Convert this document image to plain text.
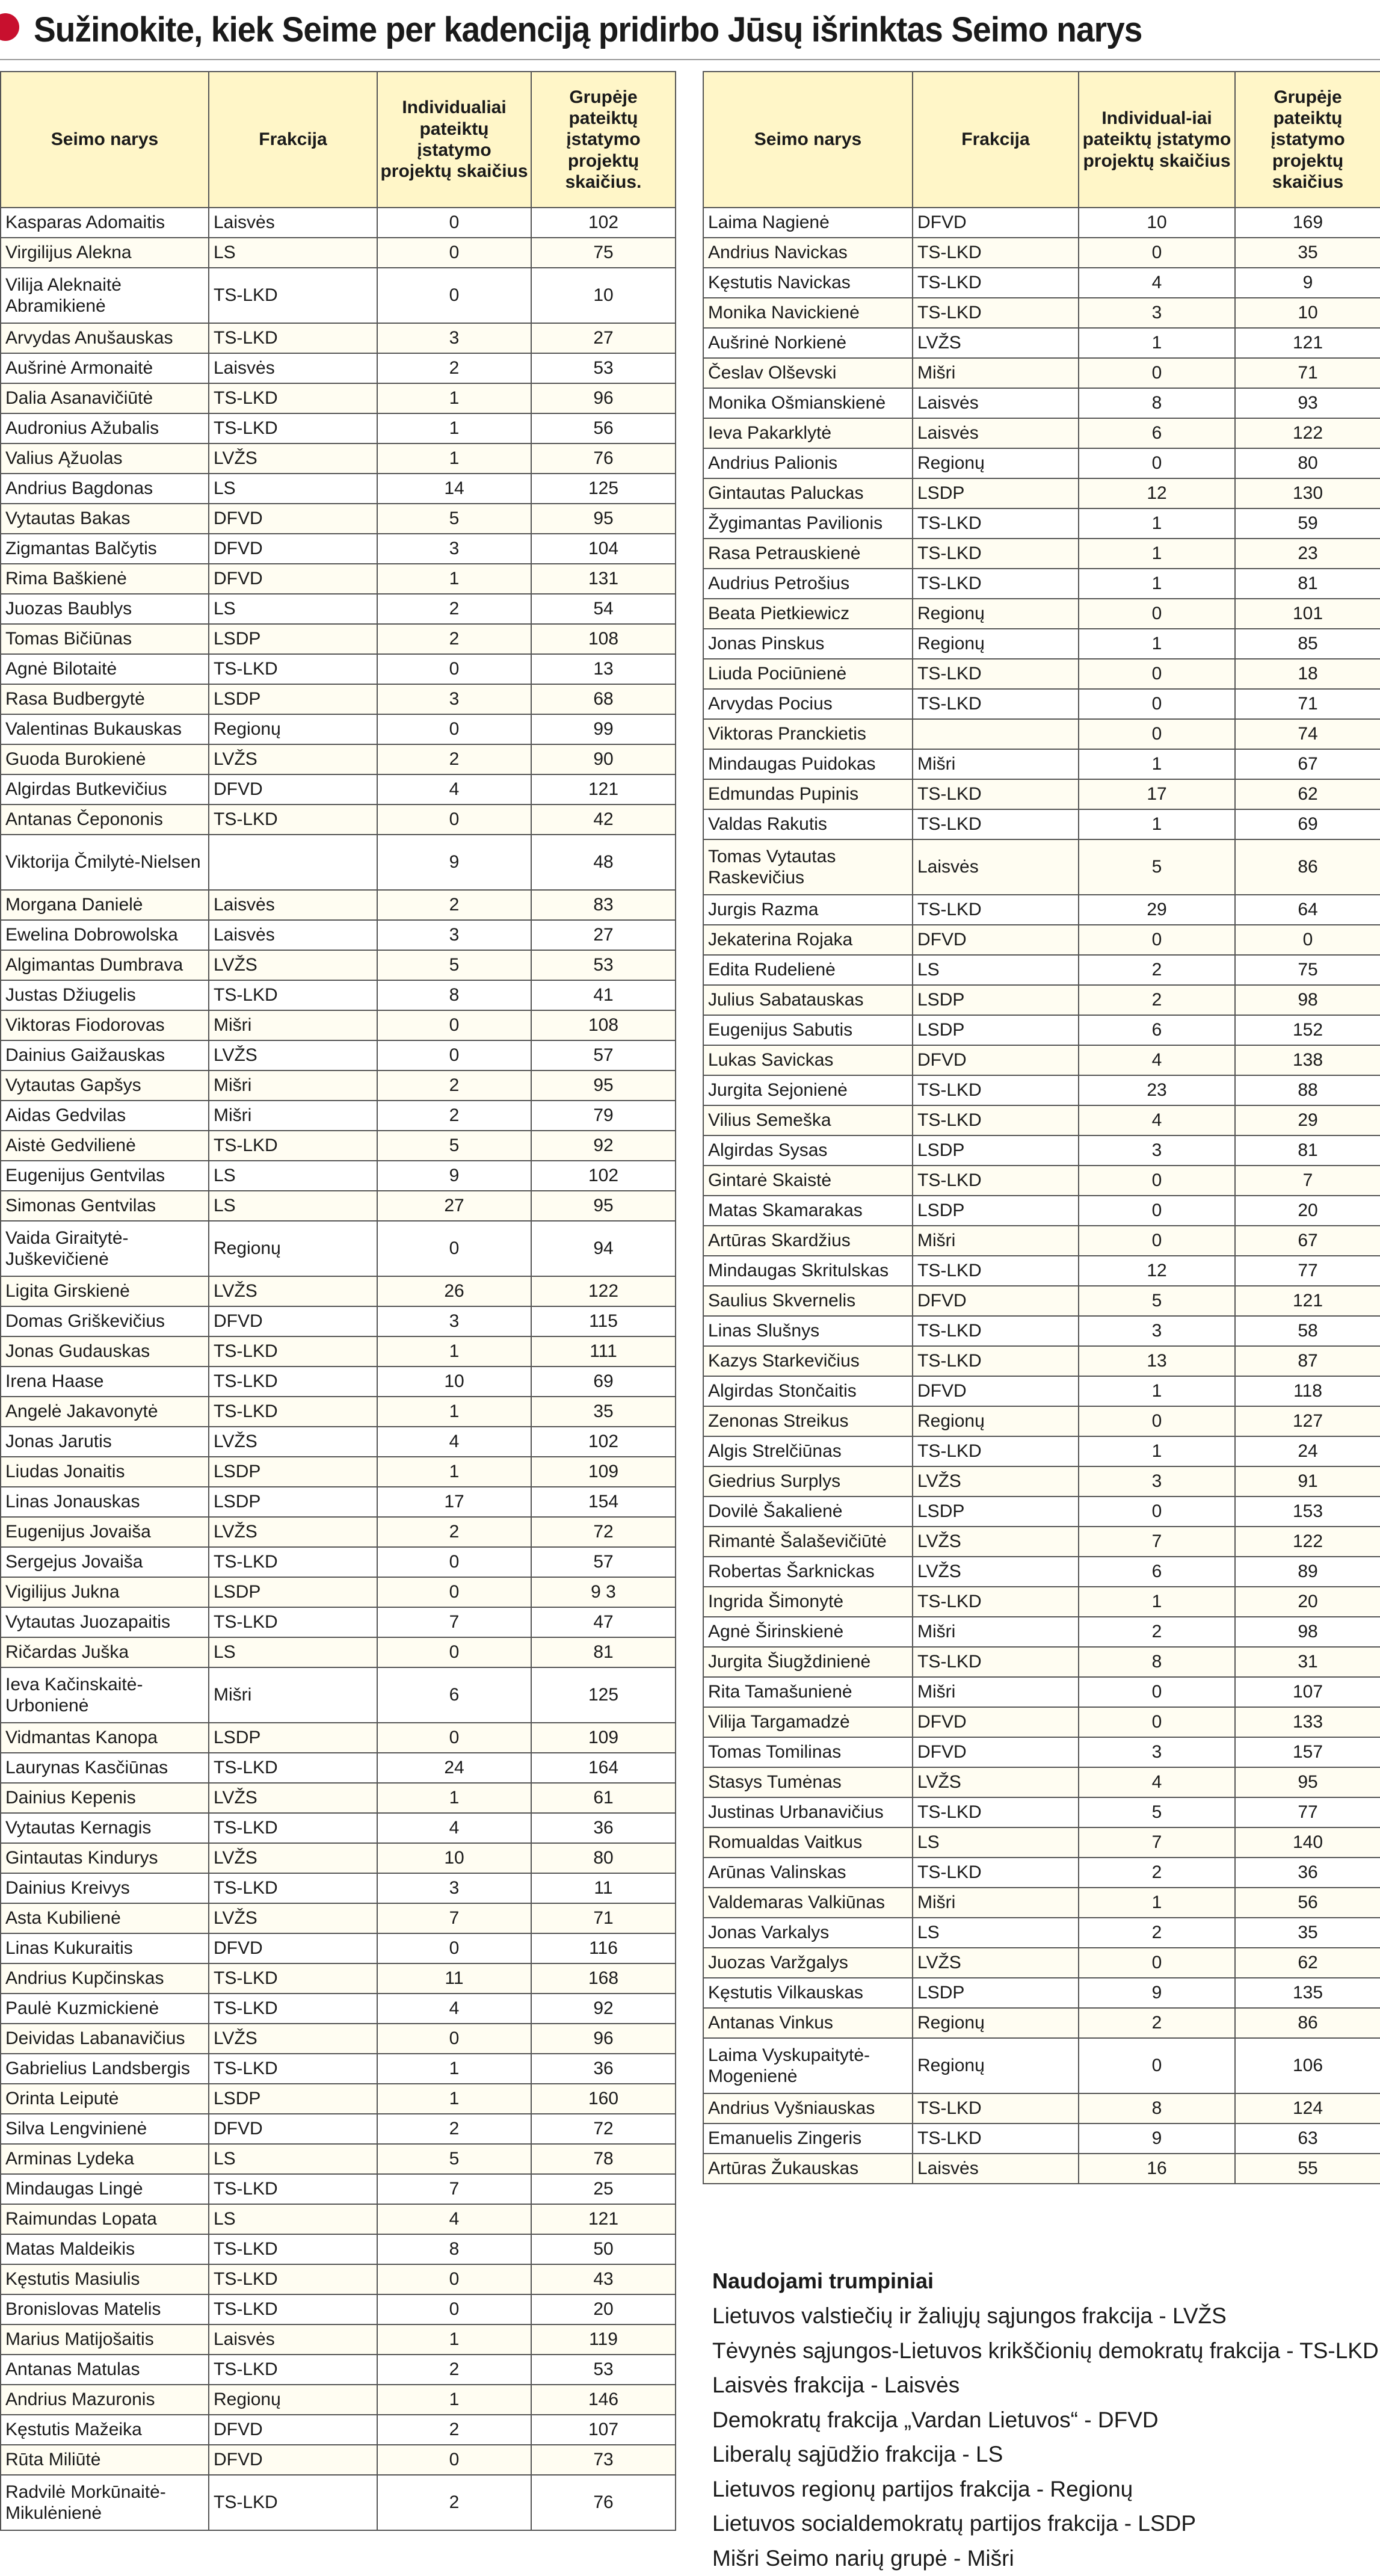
Sužinokite, kiek Seime per kadenciją pridirbo Jūsų išrinktas Seimo narys
Seimo narys	Frakcija	Individualiai pateiktų įstatymo projektų skaičius	Grupėje pateiktų įstatymo projektų skaičius.
Kasparas Adomaitis	Laisvės	0	102
Virgilijus Alekna	LS	0	75
Vilija Aleknaitė Abramikienė	TS-LKD	0	10
Arvydas Anušauskas	TS-LKD	3	27
Aušrinė Armonaitė	Laisvės	2	53
Dalia Asanavičiūtė	TS-LKD	1	96
Audronius Ažubalis	TS-LKD	1	56
Valius Ąžuolas	LVŽS	1	76
Andrius Bagdonas	LS	14	125
Vytautas Bakas	DFVD	5	95
Zigmantas Balčytis	DFVD	3	104
Rima Baškienė	DFVD	1	131
Juozas Baublys	LS	2	54
Tomas Bičiūnas	LSDP	2	108
Agnė Bilotaitė	TS-LKD	0	13
Rasa Budbergytė	LSDP	3	68
Valentinas Bukauskas	Regionų	0	99
Guoda Burokienė	LVŽS	2	90
Algirdas Butkevičius	DFVD	4	121
Antanas Čepononis	TS-LKD	0	42
Viktorija Čmilytė-Nielsen		9	48
Morgana Danielė	Laisvės	2	83
Ewelina Dobrowolska	Laisvės	3	27
Algimantas Dumbrava	LVŽS	5	53
Justas Džiugelis	TS-LKD	8	41
Viktoras Fiodorovas	Mišri	0	108
Dainius Gaižauskas	LVŽS	0	57
Vytautas Gapšys	Mišri	2	95
Aidas Gedvilas	Mišri	2	79
Aistė Gedvilienė	TS-LKD	5	92
Eugenijus Gentvilas	LS	9	102
Simonas Gentvilas	LS	27	95
Vaida Giraitytė-Juškevičienė	Regionų	0	94
Ligita Girskienė	LVŽS	26	122
Domas Griškevičius	DFVD	3	115
Jonas Gudauskas	TS-LKD	1	111
Irena Haase	TS-LKD	10	69
Angelė Jakavonytė	TS-LKD	1	35
Jonas Jarutis	LVŽS	4	102
Liudas Jonaitis	LSDP	1	109
Linas Jonauskas	LSDP	17	154
Eugenijus Jovaiša	LVŽS	2	72
Sergejus Jovaiša	TS-LKD	0	57
Vigilijus Jukna	LSDP	0	9 3
Vytautas Juozapaitis	TS-LKD	7	47
Ričardas Juška	LS	0	81
Ieva Kačinskaitė-Urbonienė	Mišri	6	125
Vidmantas Kanopa	LSDP	0	109
Laurynas Kasčiūnas	TS-LKD	24	164
Dainius Kepenis	LVŽS	1	61
Vytautas Kernagis	TS-LKD	4	36
Gintautas Kindurys	LVŽS	10	80
Dainius Kreivys	TS-LKD	3	11
Asta Kubilienė	LVŽS	7	71
Linas Kukuraitis	DFVD	0	116
Andrius Kupčinskas	TS-LKD	11	168
Paulė Kuzmickienė	TS-LKD	4	92
Deividas Labanavičius	LVŽS	0	96
Gabrielius Landsbergis	TS-LKD	1	36
Orinta Leiputė	LSDP	1	160
Silva Lengvinienė	DFVD	2	72
Arminas Lydeka	LS	5	78
Mindaugas Lingė	TS-LKD	7	25
Raimundas Lopata	LS	4	121
Matas Maldeikis	TS-LKD	8	50
Kęstutis Masiulis	TS-LKD	0	43
Bronislovas Matelis	TS-LKD	0	20
Marius Matijošaitis	Laisvės	1	119
Antanas Matulas	TS-LKD	2	53
Andrius Mazuronis	Regionų	1	146
Kęstutis Mažeika	DFVD	2	107
Rūta Miliūtė	DFVD	0	73
Radvilė Morkūnaitė-Mikulėnienė	TS-LKD	2	76
Seimo narys	Frakcija	Individual-iai pateiktų įstatymo projektų skaičius	Grupėje pateiktų įstatymo projektų skaičius
Laima Nagienė	DFVD	10	169
Andrius Navickas	TS-LKD	0	35
Kęstutis Navickas	TS-LKD	4	9
Monika Navickienė	TS-LKD	3	10
Aušrinė Norkienė	LVŽS	1	121
Česlav Olševski	Mišri	0	71
Monika Ošmianskienė	Laisvės	8	93
Ieva Pakarklytė	Laisvės	6	122
Andrius Palionis	Regionų	0	80
Gintautas Paluckas	LSDP	12	130
Žygimantas Pavilionis	TS-LKD	1	59
Rasa Petrauskienė	TS-LKD	1	23
Audrius Petrošius	TS-LKD	1	81
Beata Pietkiewicz	Regionų	0	101
Jonas Pinskus	Regionų	1	85
Liuda Pociūnienė	TS-LKD	0	18
Arvydas Pocius	TS-LKD	0	71
Viktoras Pranckietis		0	74
Mindaugas Puidokas	Mišri	1	67
Edmundas Pupinis	TS-LKD	17	62
Valdas Rakutis	TS-LKD	1	69
Tomas Vytautas Raskevičius	Laisvės	5	86
Jurgis Razma	TS-LKD	29	64
Jekaterina Rojaka	DFVD	0	0
Edita Rudelienė	LS	2	75
Julius Sabatauskas	LSDP	2	98
Eugenijus Sabutis	LSDP	6	152
Lukas Savickas	DFVD	4	138
Jurgita Sejonienė	TS-LKD	23	88
Vilius Semeška	TS-LKD	4	29
Algirdas Sysas	LSDP	3	81
Gintarė Skaistė	TS-LKD	0	7
Matas Skamarakas	LSDP	0	20
Artūras Skardžius	Mišri	0	67
Mindaugas Skritulskas	TS-LKD	12	77
Saulius Skvernelis	DFVD	5	121
Linas Slušnys	TS-LKD	3	58
Kazys Starkevičius	TS-LKD	13	87
Algirdas Stončaitis	DFVD	1	118
Zenonas Streikus	Regionų	0	127
Algis Strelčiūnas	TS-LKD	1	24
Giedrius Surplys	LVŽS	3	91
Dovilė Šakalienė	LSDP	0	153
Rimantė Šalaševičiūtė	LVŽS	7	122
Robertas Šarknickas	LVŽS	6	89
Ingrida Šimonytė	TS-LKD	1	20
Agnė Širinskienė	Mišri	2	98
Jurgita Šiugždinienė	TS-LKD	8	31
Rita Tamašunienė	Mišri	0	107
Vilija Targamadzė	DFVD	0	133
Tomas Tomilinas	DFVD	3	157
Stasys Tumėnas	LVŽS	4	95
Justinas Urbanavičius	TS-LKD	5	77
Romualdas Vaitkus	LS	7	140
Arūnas Valinskas	TS-LKD	2	36
Valdemaras Valkiūnas	Mišri	1	56
Jonas Varkalys	LS	2	35
Juozas Varžgalys	LVŽS	0	62
Kęstutis Vilkauskas	LSDP	9	135
Antanas Vinkus	Regionų	2	86
Laima Vyskupaitytė-Mogenienė	Regionų	0	106
Andrius Vyšniauskas	TS-LKD	8	124
Emanuelis Zingeris	TS-LKD	9	63
Artūras Žukauskas	Laisvės	16	55
Naudojami trumpiniai
Lietuvos valstiečių ir žaliųjų sąjungos frakcija - LVŽS
Tėvynės sąjungos-Lietuvos krikščionių demokratų frakcija - TS-LKD
Laisvės frakcija - Laisvės
Demokratų frakcija „Vardan Lietuvos“ - DFVD
Liberalų sąjūdžio frakcija - LS
Lietuvos regionų partijos frakcija - Regionų
Lietuvos socialdemokratų partijos frakcija - LSDP
Mišri Seimo narių grupė - Mišri
